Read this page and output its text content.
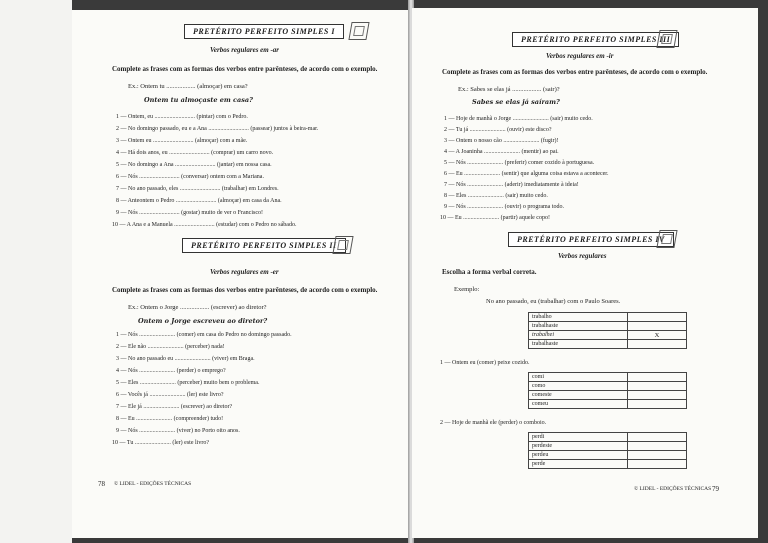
PRETÉRITO PERFEITO SIMPLES I
Verbos regulares em -ar
Complete as frases com as formas dos verbos entre parênteses, de acordo com o exemplo.
Ex.: Ontem tu .................. (almoçar) em casa?
Ontem tu almoçaste em casa?
1 — Ontem, eu ........................... (pintar) com o Pedro.
2 — No domingo passado, eu e a Ana ........................... (passear) juntos à beira-mar.
3 — Ontem eu ........................... (almoçar) com a mãe.
4 — Há dois anos, eu ........................... (comprar) um carro novo.
5 — No domingo a Ana ........................... (jantar) em nossa casa.
6 — Nós ........................... (conversar) ontem com a Mariana.
7 — No ano passado, eles ........................... (trabalhar) em Londres.
8 — Anteontem o Pedro ........................... (almoçar) em casa da Ana.
9 — Nós ........................... (gostar) muito de ver o Francisco!
10 — A Ana e a Manuela ........................... (estudar) com o Pedro no sábado.
PRETÉRITO PERFEITO SIMPLES II
Verbos regulares em -er
Complete as frases com as formas dos verbos entre parênteses, de acordo com o exemplo.
Ex.: Ontem o Jorge .................. (escrever) ao diretor?
Ontem o Jorge escreveu ao diretor?
1 — Nós ........................ (comer) em casa do Pedro no domingo passado.
2 — Ele não ........................ (perceber) nada!
3 — No ano passado eu ........................ (viver) em Braga.
4 — Nós ........................ (perder) o emprego?
5 — Eles ........................ (perceber) muito bem o problema.
6 — Vocês já ........................ (ler) este livro?
7 — Ele já ........................ (escrever) ao diretor?
8 — Eu ........................ (compreender) tudo!
9 — Nós ........................ (viver) no Porto oito anos.
10 — Tu ........................ (ler) este livro?
78 © LIDEL - EDIÇÕES TÉCNICAS
PRETÉRITO PERFEITO SIMPLES III
Verbos regulares em -ir
Complete as frases com as formas dos verbos entre parênteses, de acordo com o exemplo.
Ex.: Sabes se elas já .................. (sair)?
Sabes se elas já saíram?
1 — Hoje de manhã o Jorge ........................ (sair) muito cedo.
2 — Tu já ........................ (ouvir) este disco?
3 — Ontem o nosso cão ........................ (fugir)!
4 — A Joaninha ........................ (mentir) ao pai.
5 — Nós ........................ (preferir) comer cozido à portuguesa.
6 — Eu ........................ (sentir) que alguma coisa estava a acontecer.
7 — Nós ........................ (aderir) imediatamente à ideia!
8 — Eles ........................ (sair) muito cedo.
9 — Nós ........................ (ouvir) o programa todo.
10 — Eu ........................ (partir) aquele copo!
PRETÉRITO PERFEITO SIMPLES IV
Verbos regulares
Escolha a forma verbal correta.
Exemplo:
No ano passado, eu (trabalhar) com o Paulo Soares.
trabalho	
trabalhaste	
trabalhei	X
trabalhaste	
1 — Ontem eu (comer) peixe cozido.
comi	
como	
comeste	
comeu	
2 — Hoje de manhã ele (perder) o comboio.
perdi	
perdeste	
perdeu	
perde	
© LIDEL - EDIÇÕES TÉCNICAS 79
